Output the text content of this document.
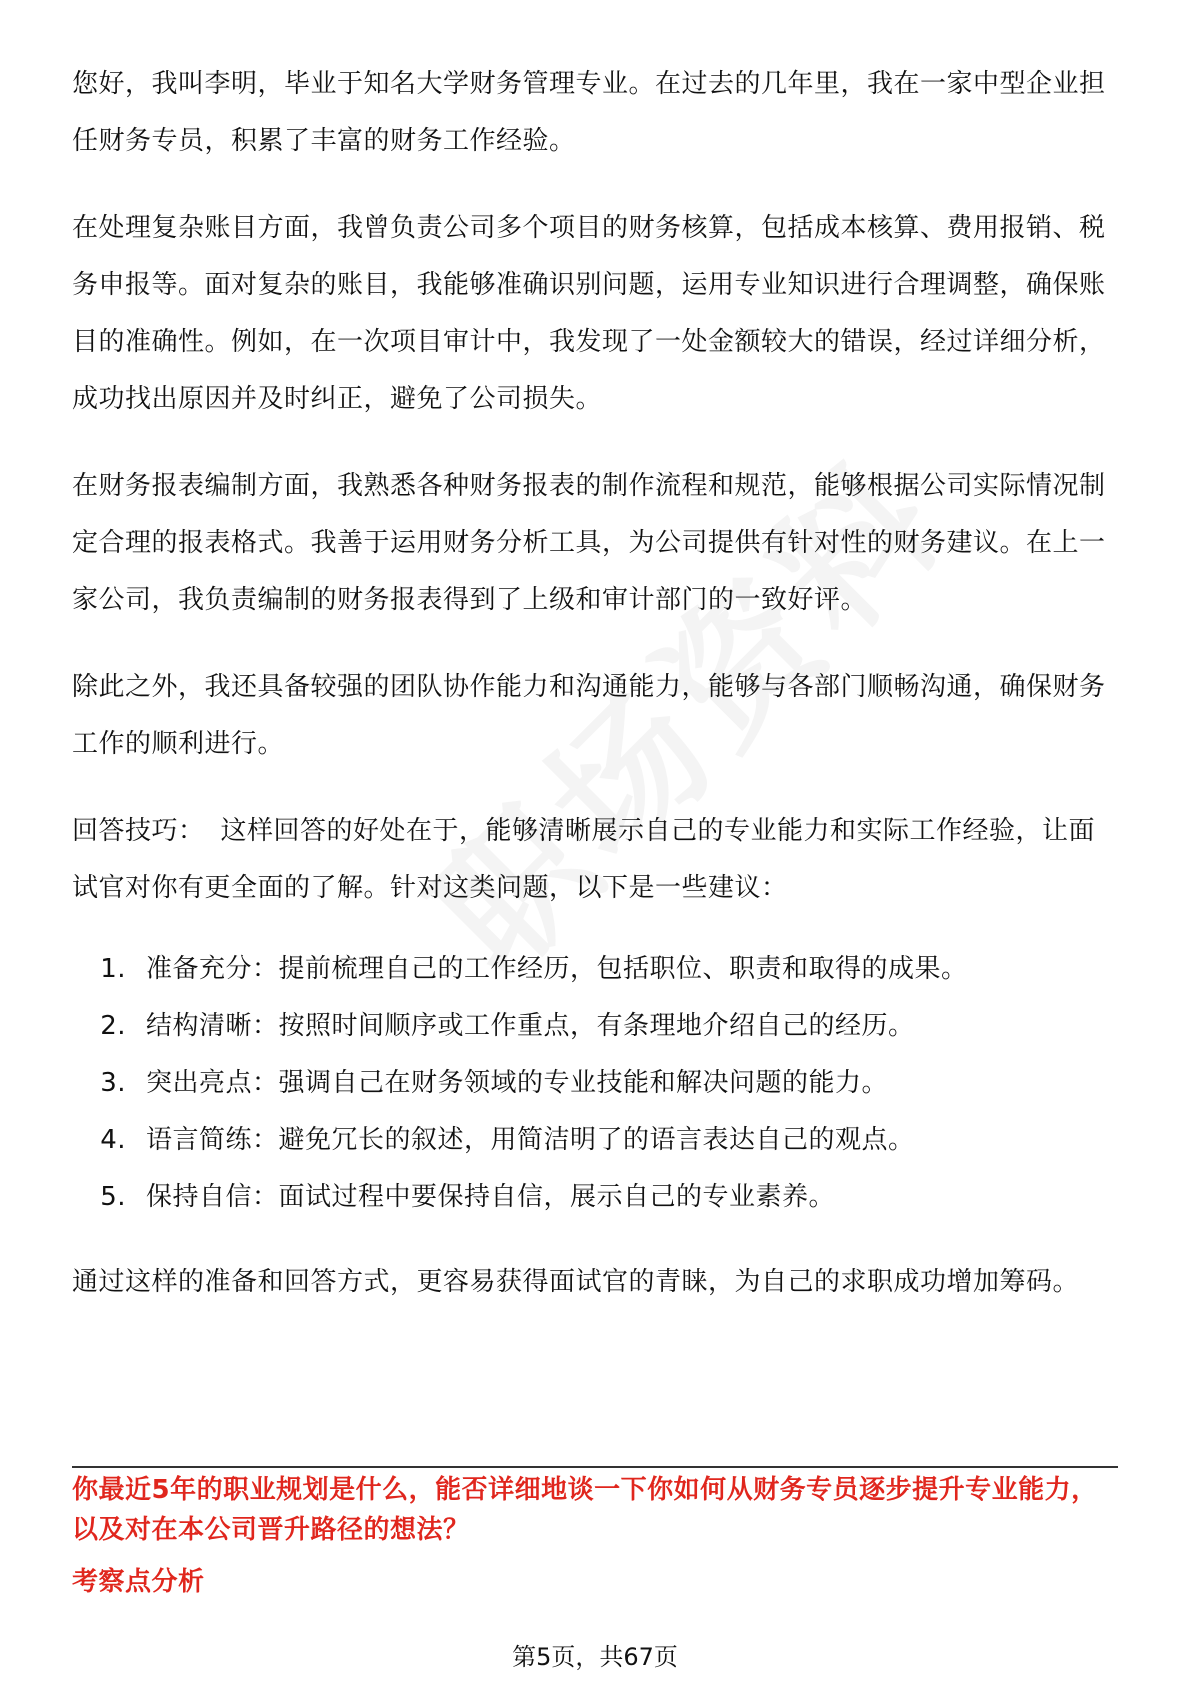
您好，我叫李明，毕业于知名大学财务管理专业。在过去的几年里，我在一家中型企业担任财务专员，积累了丰富的财务工作经验。

在处理复杂账目方面，我曾负责公司多个项目的财务核算，包括成本核算、费用报销、税务申报等。面对复杂的账目，我能够准确识别问题，运用专业知识进行合理调整，确保账目的准确性。例如，在一次项目审计中，我发现了一处金额较大的错误，经过详细分析，成功找出原因并及时纠正，避免了公司损失。

在财务报表编制方面，我熟悉各种财务报表的制作流程和规范，能够根据公司实际情况制定合理的报表格式。我善于运用财务分析工具，为公司提供有针对性的财务建议。在上一家公司，我负责编制的财务报表得到了上级和审计部门的一致好评。

除此之外，我还具备较强的团队协作能力和沟通能力，能够与各部门顺畅沟通，确保财务工作的顺利进行。

回答技巧： 这样回答的好处在于，能够清晰展示自己的专业能力和实际工作经验，让面试官对你有更全面的了解。针对这类问题，以下是一些建议：

1. 准备充分：提前梳理自己的工作经历，包括职位、职责和取得的成果。
2. 结构清晰：按照时间顺序或工作重点，有条理地介绍自己的经历。
3. 突出亮点：强调自己在财务领域的专业技能和解决问题的能力。
4. 语言简练：避免冗长的叙述，用简洁明了的语言表达自己的观点。
5. 保持自信：面试过程中要保持自信，展示自己的专业素养。

通过这样的准备和回答方式，更容易获得面试官的青睐，为自己的求职成功增加筹码。

你最近5年的职业规划是什么，能否详细地谈一下你如何从财务专员逐步提升专业能力，以及对在本公司晋升路径的想法？
考察点分析
第5页，共67页
